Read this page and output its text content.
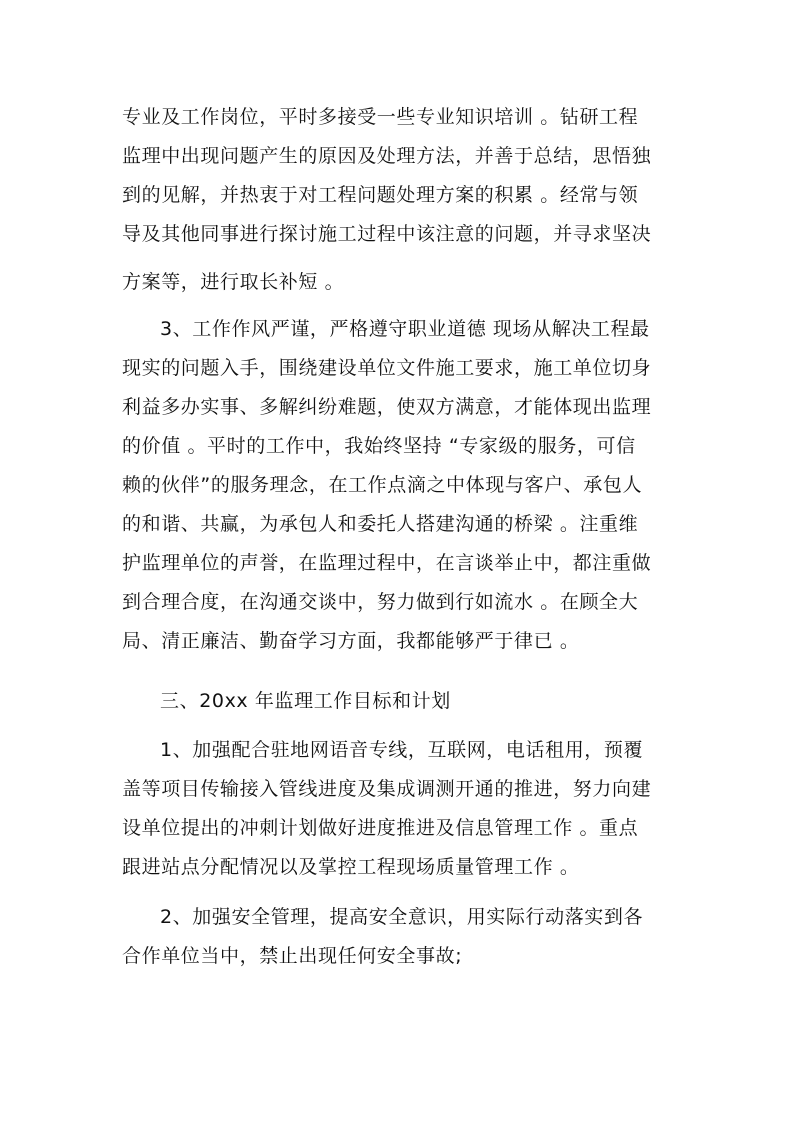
专业及工作岗位，平时多接受一些专业知识培训 。钻研工程
监理中出现问题产生的原因及处理方法，并善于总结，思悟独
到的见解，并热衷于对工程问题处理方案的积累 。经常与领
导及其他同事进行探讨施工过程中该注意的问题，并寻求坚决
方案等，进行取长补短 。
3、工作作风严谨，严格遵守职业道德 现场从解决工程最
现实的问题入手，围绕建设单位文件施工要求，施工单位切身
利益多办实事、多解纠纷难题，使双方满意，才能体现出监理
的价值 。平时的工作中，我始终坚持 “专家级的服务，可信
赖的伙伴”的服务理念，在工作点滴之中体现与客户、承包人
的和谐、共赢，为承包人和委托人搭建沟通的桥梁 。注重维
护监理单位的声誉，在监理过程中，在言谈举止中，都注重做
到合理合度，在沟通交谈中，努力做到行如流水 。在顾全大
局、清正廉洁、勤奋学习方面，我都能够严于律已 。
三、20xx 年监理工作目标和计划
1、加强配合驻地网语音专线，互联网，电话租用，预覆
盖等项目传输接入管线进度及集成调测开通的推进，努力向建
设单位提出的冲刺计划做好进度推进及信息管理工作 。重点
跟进站点分配情况以及掌控工程现场质量管理工作 。
2、加强安全管理，提高安全意识，用实际行动落实到各
合作单位当中，禁止出现任何安全事故;
